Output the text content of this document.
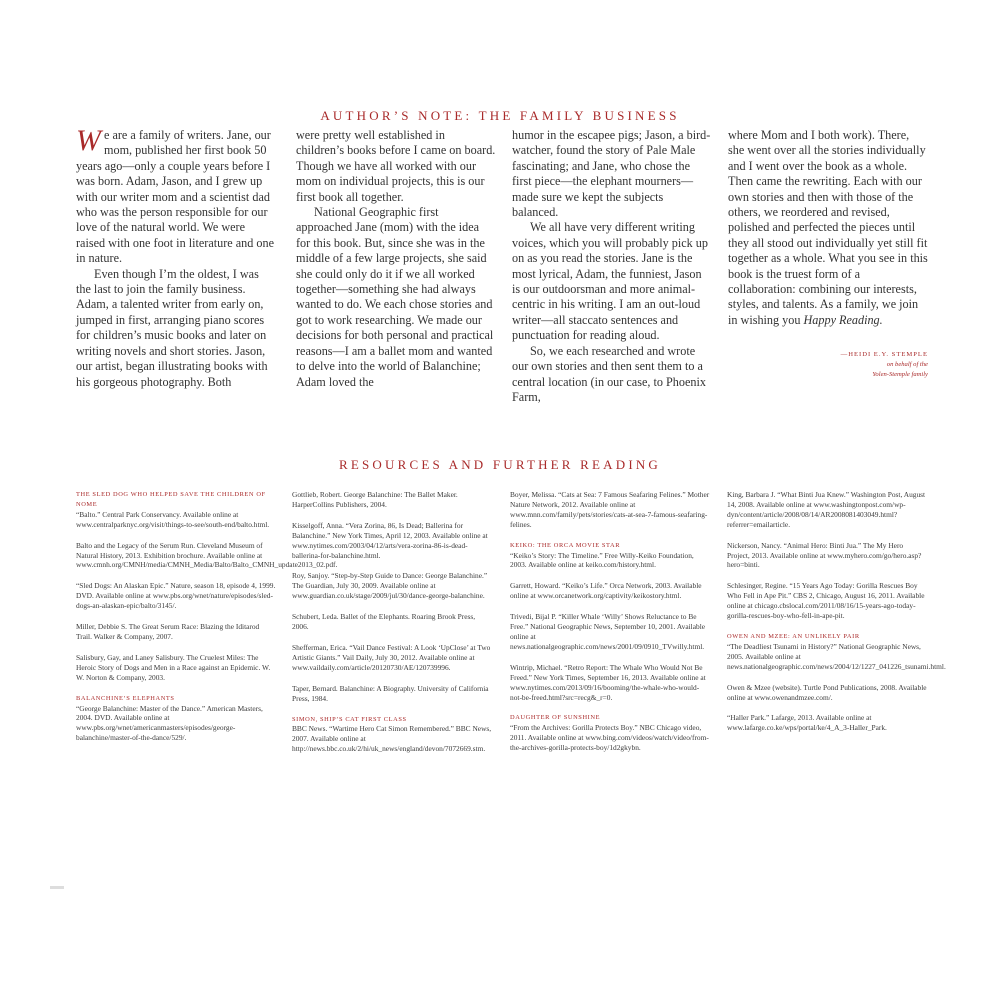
AUTHOR’S NOTE: THE FAMILY BUSINESS

We are a family of writers. Jane, our mom, published her first book 50 years ago—only a couple years before I was born. Adam, Jason, and I grew up with our writer mom and a scientist dad who was the person responsible for our love of the natural world. We were raised with one foot in literature and one in nature.

Even though I’m the oldest, I was the last to join the family business. Adam, a talented writer from early on, jumped in first, arranging piano scores for children’s music books and later on writing novels and short stories. Jason, our artist, began illustrating books with his gorgeous photography. Both

were pretty well established in children’s books before I came on board. Though we have all worked with our mom on individual projects, this is our first book all together.

National Geographic first approached Jane (mom) with the idea for this book. But, since she was in the middle of a few large projects, she said she could only do it if we all worked together—something she had always wanted to do. We each chose stories and got to work researching. We made our decisions for both personal and practical reasons—I am a ballet mom and wanted to delve into the world of Balanchine; Adam loved the

humor in the escapee pigs; Jason, a bird-watcher, found the story of Pale Male fascinating; and Jane, who chose the first piece—the elephant mourners—made sure we kept the subjects balanced.

We all have very different writing voices, which you will probably pick up on as you read the stories. Jane is the most lyrical, Adam, the funniest, Jason is our outdoorsman and more animal-centric in his writing. I am an out-loud writer—all staccato sentences and punctuation for reading aloud.

So, we each researched and wrote our own stories and then sent them to a central location (in our case, to Phoenix Farm,

where Mom and I both work). There, she went over all the stories individually and I went over the book as a whole. Then came the rewriting. Each with our own stories and then with those of the others, we reordered and revised, polished and perfected the pieces until they all stood out individually yet still fit together as a whole. What you see in this book is the truest form of a collaboration: combining our interests, styles, and talents. As a family, we join in wishing you Happy Reading.

—HEIDI E.Y. STEMPLE
on behalf of the
Yolen-Stemple family
RESOURCES AND FURTHER READING
THE SLED DOG WHO HELPED SAVE THE CHILDREN OF NOME
“Balto.” Central Park Conservancy. Available online at www.centralparknyc.org/visit/things-to-see/south-end/balto.html.
Balto and the Legacy of the Serum Run. Cleveland Museum of Natural History, 2013. Exhibition brochure. Available online at www.cmnh.org/CMNH/media/CMNH_Media/Balto/Balto_CMNH_update2013_02.pdf.
“Sled Dogs: An Alaskan Epic.” Nature, season 18, episode 4, 1999. DVD. Available online at www.pbs.org/wnet/nature/episodes/sled-dogs-an-alaskan-epic/balto/3145/.
Miller, Debbie S. The Great Serum Race: Blazing the Iditarod Trail. Walker & Company, 2007.
Salisbury, Gay, and Laney Salisbury. The Cruelest Miles: The Heroic Story of Dogs and Men in a Race against an Epidemic. W. W. Norton & Company, 2003.
BALANCHINE’S ELEPHANTS
“George Balanchine: Master of the Dance.” American Masters, 2004. DVD. Available online at www.pbs.org/wnet/americanmasters/episodes/george-balanchine/master-of-the-dance/529/.
Gottlieb, Robert. George Balanchine: The Ballet Maker. HarperCollins Publishers, 2004.
Kisselgoff, Anna. “Vera Zorina, 86, Is Dead; Ballerina for Balanchine.” New York Times, April 12, 2003. Available online at www.nytimes.com/2003/04/12/arts/vera-zorina-86-is-dead-ballerina-for-balanchine.html.
Roy, Sanjoy. “Step-by-Step Guide to Dance: George Balanchine.” The Guardian, July 30, 2009. Available online at www.guardian.co.uk/stage/2009/jul/30/dance-george-balanchine.
Schubert, Leda. Ballet of the Elephants. Roaring Brook Press, 2006.
Shefferman, Erica. “Vail Dance Festival: A Look ‘UpClose’ at Two Artistic Giants.” Vail Daily, July 30, 2012. Available online at www.vaildaily.com/article/20120730/AE/120739996.
Taper, Bernard. Balanchine: A Biography. University of California Press, 1984.
SIMON, SHIP’S CAT FIRST CLASS
BBC News. “Wartime Hero Cat Simon Remembered.” BBC News, 2007. Available online at http://news.bbc.co.uk/2/hi/uk_news/england/devon/7072669.stm.
Boyer, Melissa. “Cats at Sea: 7 Famous Seafaring Felines.” Mother Nature Network, 2012. Available online at www.mnn.com/family/pets/stories/cats-at-sea-7-famous-seafaring-felines.
KEIKO: THE ORCA MOVIE STAR
“Keiko’s Story: The Timeline.” Free Willy-Keiko Foundation, 2003. Available online at keiko.com/history.html.
Garrett, Howard. “Keiko’s Life.” Orca Network, 2003. Available online at www.orcanetwork.org/captivity/keikostory.html.
Trivedi, Bijal P. “Killer Whale ‘Willy’ Shows Reluctance to Be Free.” National Geographic News, September 10, 2001. Available online at news.nationalgeographic.com/news/2001/09/0910_TVwilly.html.
Wintrip, Michael. “Retro Report: The Whale Who Would Not Be Freed.” New York Times, September 16, 2013. Available online at www.nytimes.com/2013/09/16/booming/the-whale-who-would-not-be-freed.html?src=recg&_r=0.
DAUGHTER OF SUNSHINE
“From the Archives: Gorilla Protects Boy.” NBC Chicago video, 2011. Available online at www.bing.com/videos/watch/video/from-the-archives-gorilla-protects-boy/1d2gkybn.
King, Barbara J. “What Binti Jua Knew.” Washington Post, August 14, 2008. Available online at www.washingtonpost.com/wp-dyn/content/article/2008/08/14/AR2008081403049.html?referrer=emailarticle.
Nickerson, Nancy. “Animal Hero: Binti Jua.” The My Hero Project, 2013. Available online at www.myhero.com/go/hero.asp?hero=binti.
Schlesinger, Regine. “15 Years Ago Today: Gorilla Rescues Boy Who Fell in Ape Pit.” CBS 2, Chicago, August 16, 2011. Available online at chicago.cbslocal.com/2011/08/16/15-years-ago-today-gorilla-rescues-boy-who-fell-in-ape-pit.
OWEN AND MZEE: AN UNLIKELY PAIR
“The Deadliest Tsunami in History?” National Geographic News, 2005. Available online at news.nationalgeographic.com/news/2004/12/1227_041226_tsunami.html.
Owen & Mzee (website). Turtle Pond Publications, 2008. Available online at www.owenandmzee.com/.
“Haller Park.” Lafarge, 2013. Available online at www.lafarge.co.ke/wps/portal/ke/4_A_3-Haller_Park.
